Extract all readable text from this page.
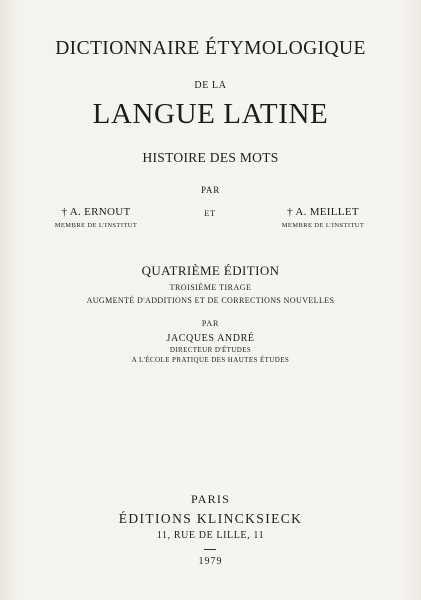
DICTIONNAIRE ÉTYMOLOGIQUE
DE LA
LANGUE LATINE
HISTOIRE DES MOTS
PAR
† A. ERNOUT
MEMBRE DE L'INSTITUT
ET	† A. MEILLET
MEMBRE DE L'INSTITUT
QUATRIÈME ÉDITION
TROISIÈME TIRAGE
AUGMENTÉ D'ADDITIONS ET DE CORRECTIONS NOUVELLES
PAR
JACQUES ANDRÉ
DIRECTEUR D'ÉTUDES
A L'ÉCOLE PRATIQUE DES HAUTES ÉTUDES
PARIS
ÉDITIONS KLINCKSIECK
11, RUE DE LILLE, 11
1979
